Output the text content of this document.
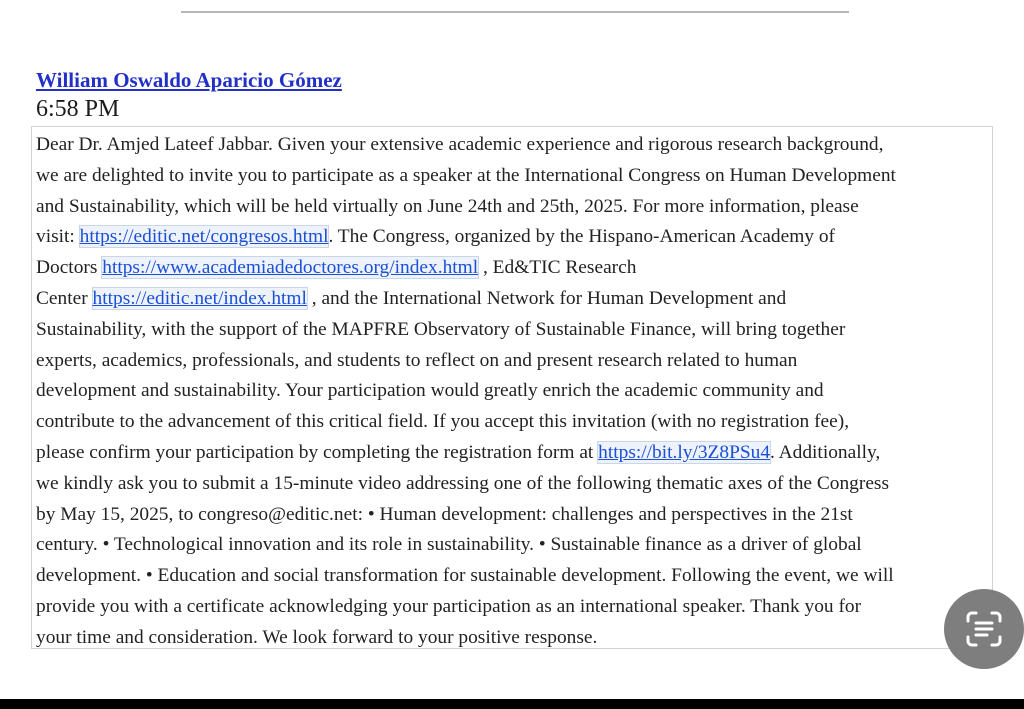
William Oswaldo Aparicio Gómez
6:58 PM

Dear Dr. Amjed Lateef Jabbar. Given your extensive academic experience and rigorous research background,

we are delighted to invite you to participate as a speaker at the International Congress on Human Development

and Sustainability, which will be held virtually on June 24th and 25th, 2025. For more information, please

visit: https://editic.net/congresos.html. The Congress, organized by the Hispano-American Academy of

Doctors https://www.academiadedoctores.org/index.html , Ed&TIC Research

Center https://editic.net/index.html , and the International Network for Human Development and

Sustainability, with the support of the MAPFRE Observatory of Sustainable Finance, will bring together

experts, academics, professionals, and students to reflect on and present research related to human

development and sustainability. Your participation would greatly enrich the academic community and

contribute to the advancement of this critical field. If you accept this invitation (with no registration fee),

please confirm your participation by completing the registration form at https://bit.ly/3Z8PSu4. Additionally,

we kindly ask you to submit a 15-minute video addressing one of the following thematic axes of the Congress

by May 15, 2025, to congreso@editic.net: • Human development: challenges and perspectives in the 21st

century. • Technological innovation and its role in sustainability. • Sustainable finance as a driver of global

development. • Education and social transformation for sustainable development. Following the event, we will

provide you with a certificate acknowledging your participation as an international speaker. Thank you for

your time and consideration. We look forward to your positive response.
